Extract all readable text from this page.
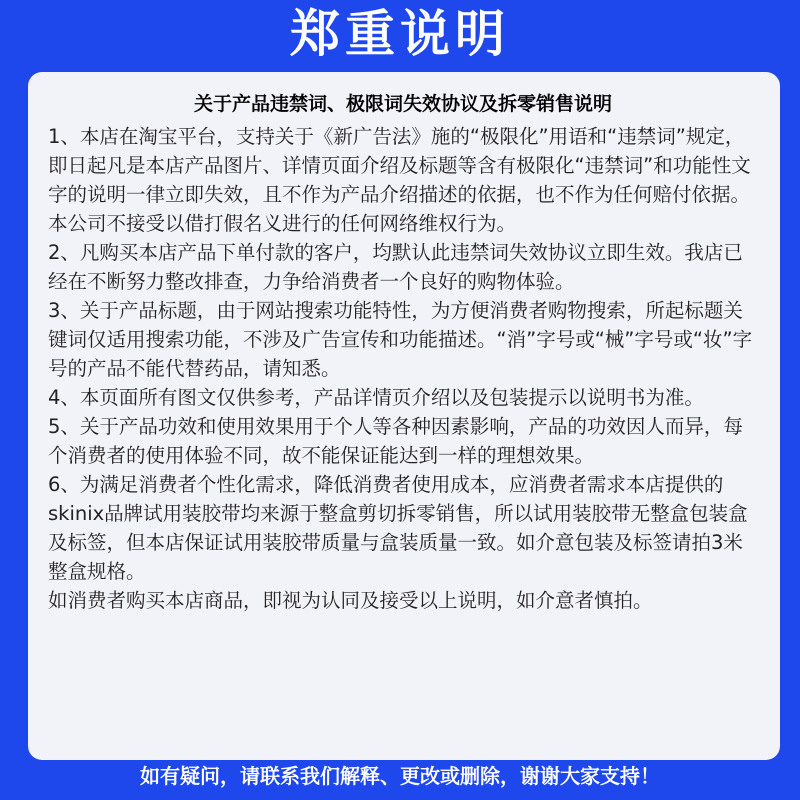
郑重说明
关于产品违禁词、极限词失效协议及拆零销售说明

1、本店在淘宝平台，支持关于《新广告法》施的“极限化”用语和“违禁词”规定，即日起凡是本店产品图片、详情页面介绍及标题等含有极限化“违禁词”和功能性文字的说明一律立即失效，且不作为产品介绍描述的依据，也不作为任何赔付依据。本公司不接受以借打假名义进行的任何网络维权行为。

2、凡购买本店产品下单付款的客户，均默认此违禁词失效协议立即生效。我店已经在不断努力整改排查，力争给消费者一个良好的购物体验。

3、关于产品标题，由于网站搜索功能特性，为方便消费者购物搜索，所起标题关键词仅适用搜索功能，不涉及广告宣传和功能描述。“消”字号或“械”字号或“妆”字号的产品不能代替药品，请知悉。

4、本页面所有图文仅供参考，产品详情页介绍以及包装提示以说明书为准。

5、关于产品功效和使用效果用于个人等各种因素影响，产品的功效因人而异，每个消费者的使用体验不同，故不能保证能达到一样的理想效果。

6、为满足消费者个性化需求，降低消费者使用成本，应消费者需求本店提供的skinix品牌试用装胶带均来源于整盒剪切拆零销售，所以试用装胶带无整盒包装盒及标签，但本店保证试用装胶带质量与盒装质量一致。如介意包装及标签请拍3米整盒规格。

如消费者购买本店商品，即视为认同及接受以上说明，如介意者慎拍。

如有疑问，请联系我们解释、更改或删除，谢谢大家支持！
